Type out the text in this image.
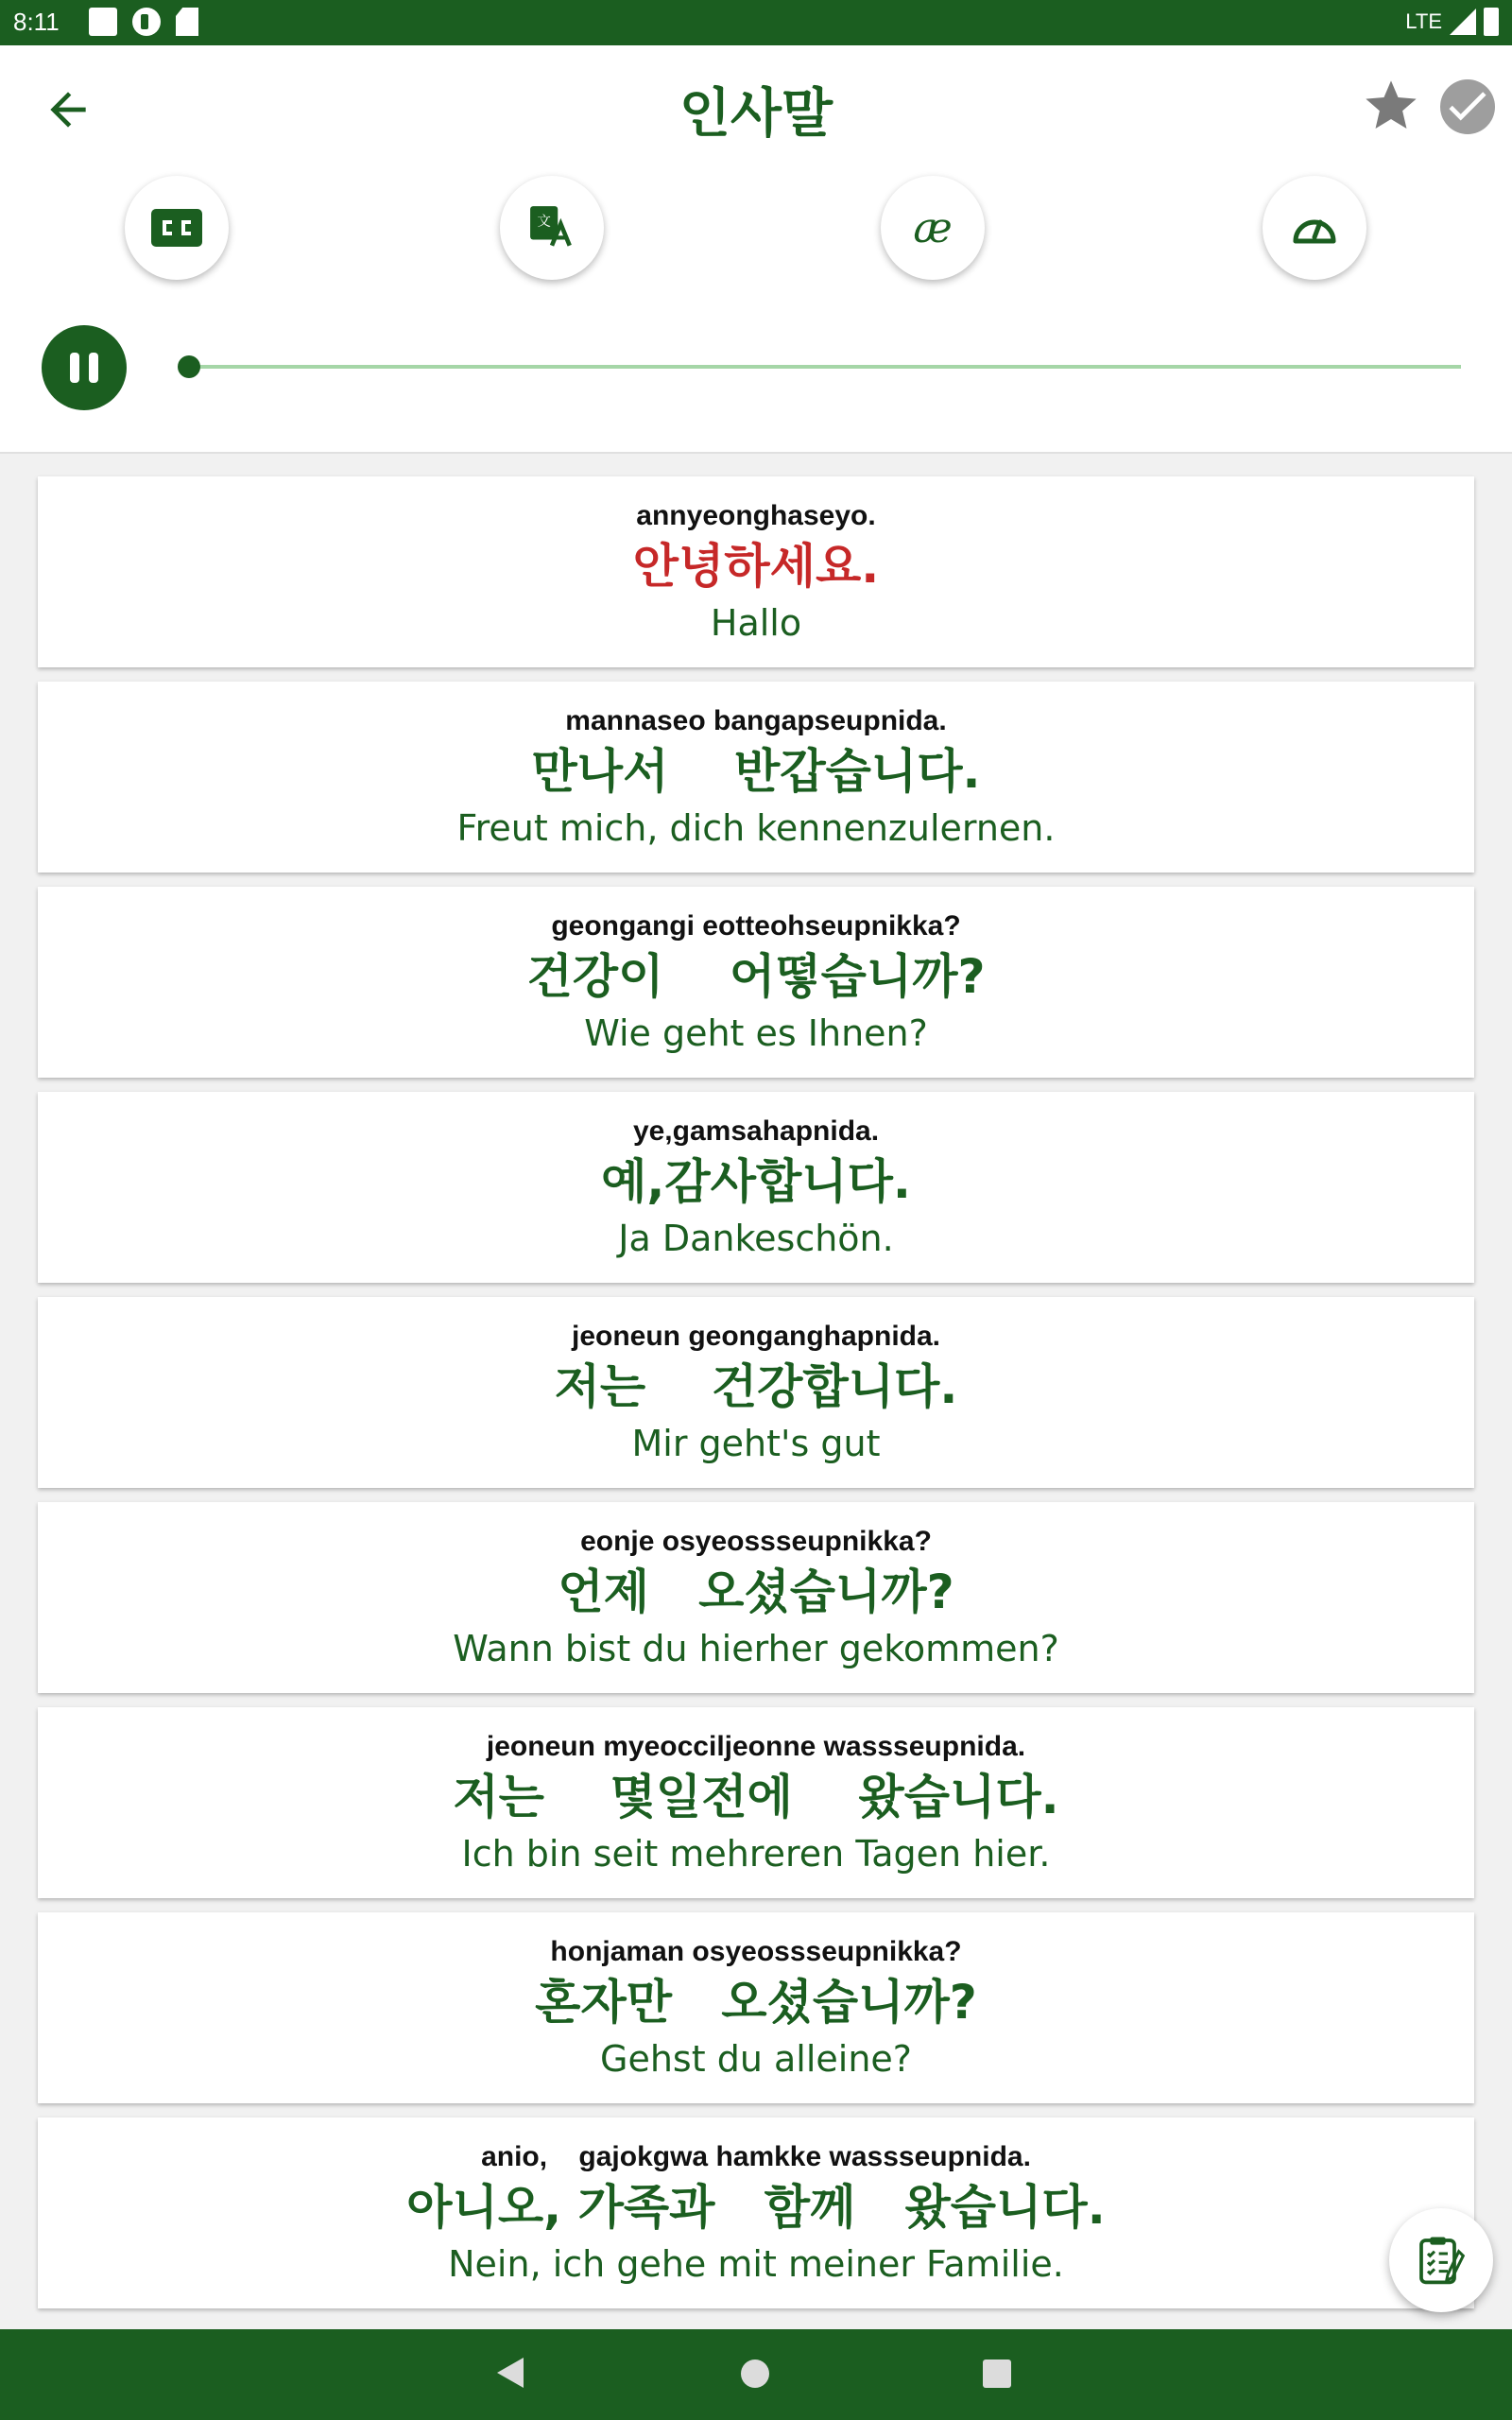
8:11	LTE
인사말
文	æ
annyeonghaseyo.
안녕하세요.
Hallo
mannaseo bangapseupnida.
만나서    반갑습니다.
Freut mich, dich kennenzulernen.
geongangi eotteohseupnikka?
건강이    어떻습니까?
Wie geht es Ihnen?
ye,gamsahapnida.
예,감사합니다.
Ja Dankeschön.
jeoneun geonganghapnida.
저는    건강합니다.
Mir geht's gut
eonje osyeossseupnikka?
언제   오셨습니까?
Wann bist du hierher gekommen?
jeoneun myeocciljeonne wassseupnida.
저는    몇일전에    왔습니다.
Ich bin seit mehreren Tagen hier.
honjaman osyeossseupnikka?
혼자만   오셨습니까?
Gehst du alleine?
anio,    gajokgwa hamkke wassseupnida.
아니오, 가족과   함께   왔습니다.
Nein, ich gehe mit meiner Familie.
